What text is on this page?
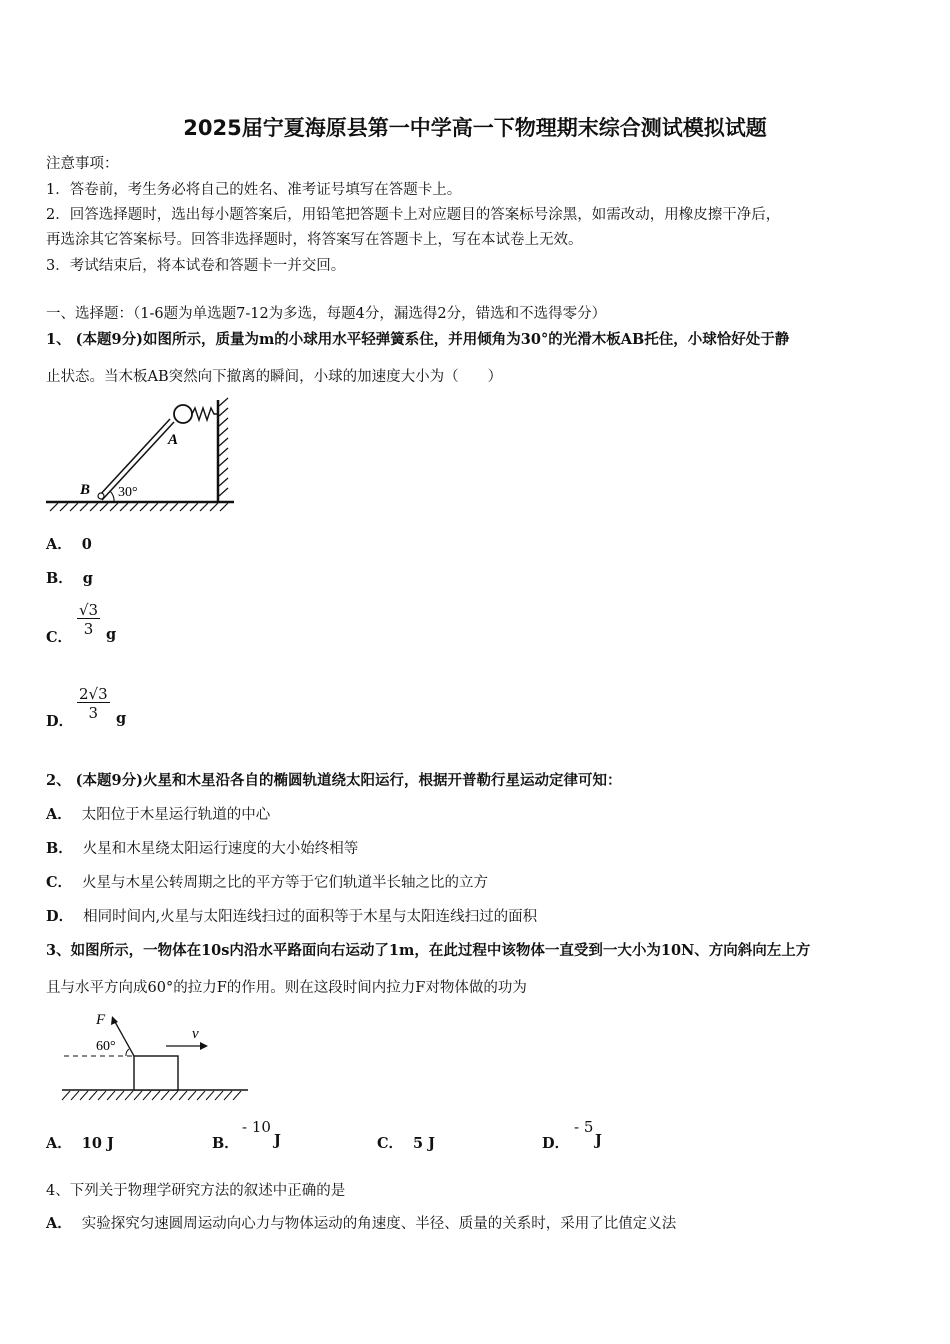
2025届宁夏海原县第一中学高一下物理期末综合测试模拟试题
注意事项：
1．答卷前，考生务必将自己的姓名、准考证号填写在答题卡上。
2．回答选择题时，选出每小题答案后，用铅笔把答题卡上对应题目的答案标号涂黑，如需改动，用橡皮擦干净后，
再选涂其它答案标号。回答非选择题时，将答案写在答题卡上，写在本试卷上无效。
3．考试结束后，将本试卷和答题卡一并交回。
一、选择题：（1-6题为单选题7-12为多选，每题4分，漏选得2分，错选和不选得零分）
1、 (本题9分)如图所示，质量为m的小球用水平轻弹簧系住，并用倾角为30°的光滑木板AB托住，小球恰好处于静
止状态。当木板AB突然向下撤离的瞬间，小球的加速度大小为（　　）
A
B 30°
A． 0
B． g
C．
$\frac{√3}{3}$ g
D．
$\frac{2√3}{3}$ g
2、 (本题9分)火星和木星沿各自的椭圆轨道绕太阳运行，根据开普勒行星运动定律可知：
A． 太阳位于木星运行轨道的中心
B． 火星和木星绕太阳运行速度的大小始终相等
C． 火星与木星公转周期之比的平方等于它们轨道半长轴之比的立方
D． 相同时间内,火星与太阳连线扫过的面积等于木星与太阳连线扫过的面积
3、如图所示，一物体在10s内沿水平路面向右运动了1m，在此过程中该物体一直受到一大小为10N、方向斜向左上方
且与水平方向成60°的拉力F的作用。则在这段时间内拉力F对物体做的功为
F
60°
v
A． 10 J	B．
- 10
J	C． 5 J	D．
- 5
J
4、下列关于物理学研究方法的叙述中正确的是
A． 实验探究匀速圆周运动向心力与物体运动的角速度、半径、质量的关系时，采用了比值定义法
